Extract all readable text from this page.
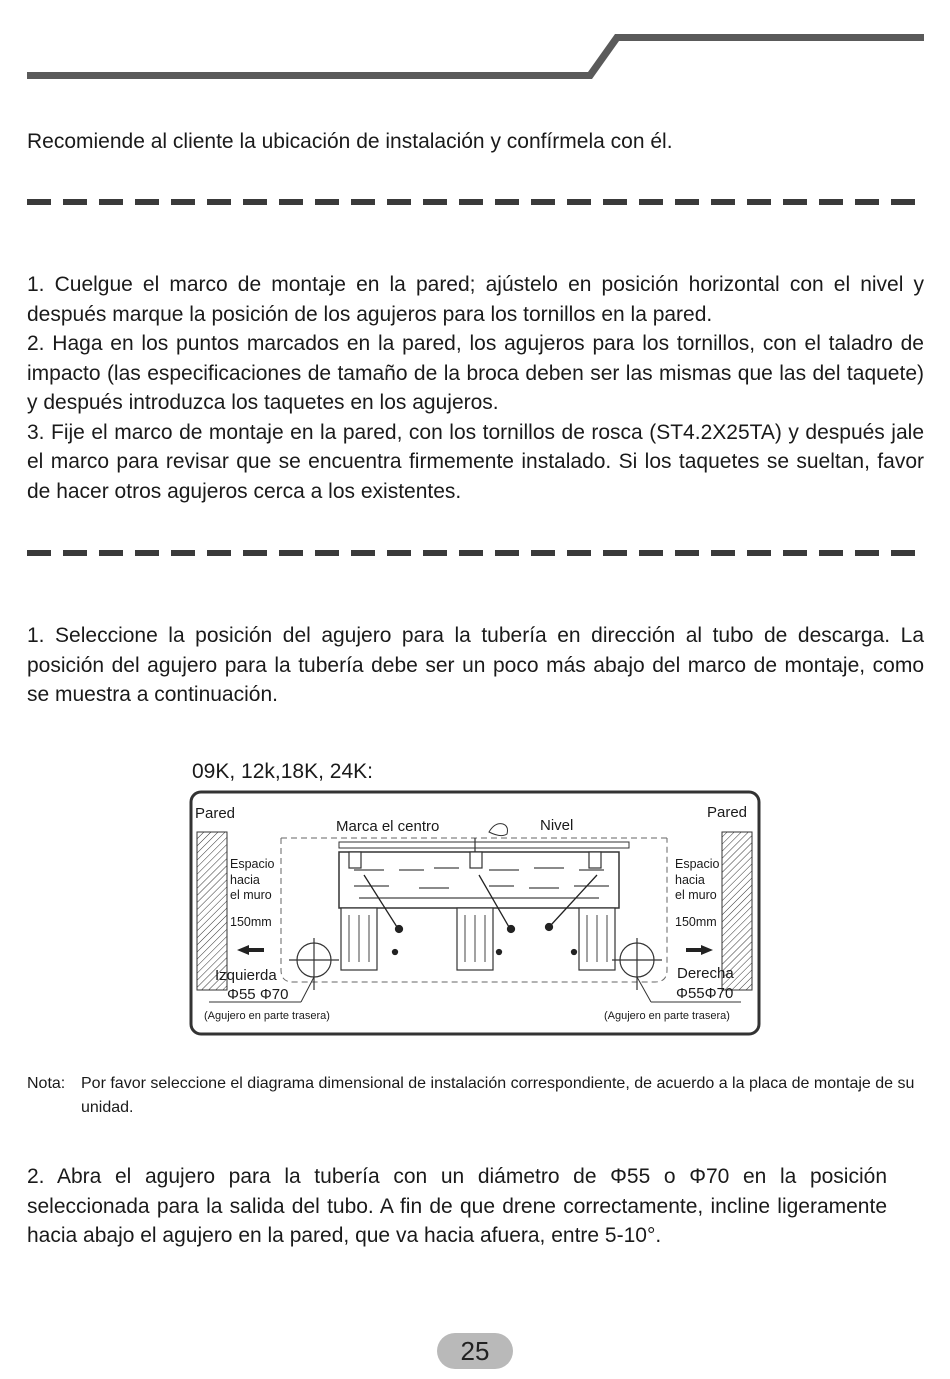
Recomiende al cliente la ubicación de instalación y confírmela con él.

1. Cuelgue el marco de montaje en la pared; ajústelo en posición horizontal con el nivel y después marque la posición de los agujeros para los tornillos en la pared.

2. Haga en los puntos marcados en la pared, los agujeros para los tornillos, con el taladro de impacto (las especificaciones de tamaño de la broca deben ser las mismas que las del taquete) y después introduzca los taquetes en los agujeros.

3. Fije el marco de montaje en la pared, con los tornillos de rosca (ST4.2X25TA) y después jale el marco para revisar que se encuentra firmemente instalado. Si los taquetes se sueltan, favor de hacer otros agujeros cerca a los existentes.

1. Seleccione la posición del agujero para la tubería en dirección al tubo de descarga. La posición del agujero para la tubería debe ser un poco más abajo del marco de montaje, como se muestra a continuación.

09K, 12k,18K, 24K:
Pared	Pared
Marca el centro	Nivel
Espacio
hacia
el muro
Espacio
hacia
el muro
150mm	150mm
Izquierda	Derecha
Φ55 Φ70	Φ55Φ70
(Agujero en parte trasera)	(Agujero en parte trasera)
Nota: Por favor seleccione el diagrama dimensional de instalación correspondiente, de acuerdo a la placa de montaje de su unidad.

2. Abra el agujero para la tubería con un diámetro de Φ55 o Φ70 en la posición seleccionada para la salida del tubo. A fin de que drene correctamente, incline ligeramente hacia abajo el agujero en la pared, que va hacia afuera, entre 5-10°.

25
